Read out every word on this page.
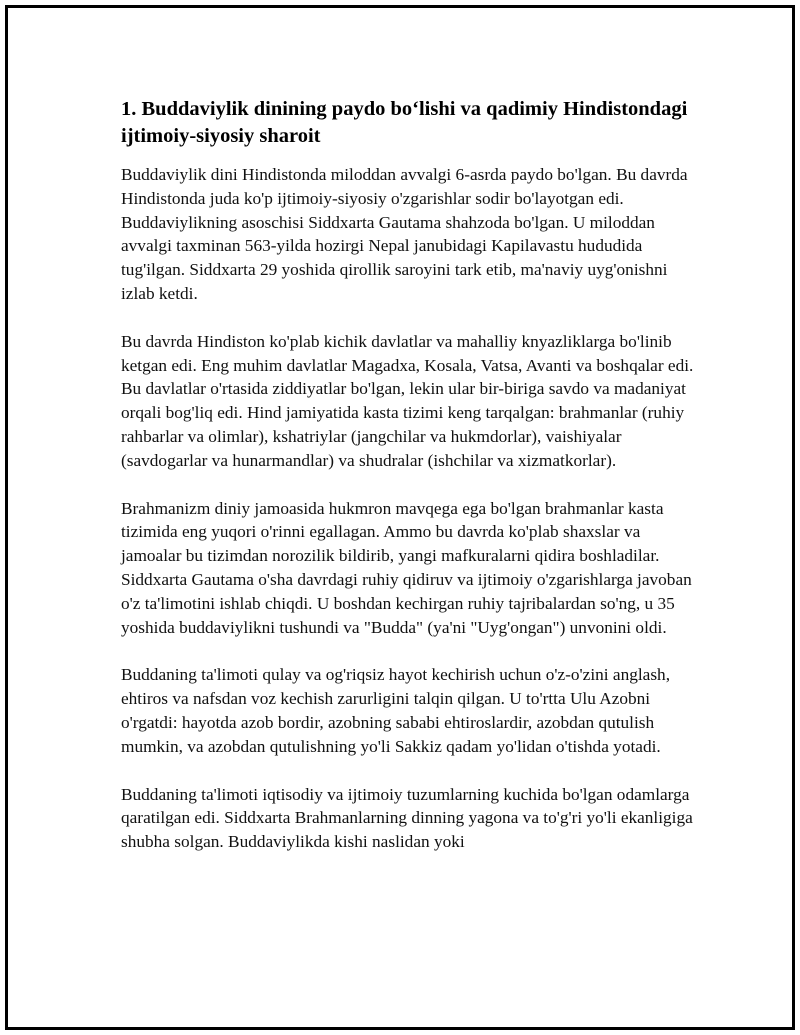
1. Buddaviylik dinining paydo bo‘lishi va qadimiy Hindistondagi ijtimoiy-siyosiy sharoit

Buddaviylik dini Hindistonda miloddan avvalgi 6-asrda paydo bo'lgan. Bu davrda Hindistonda juda ko'p ijtimoiy-siyosiy o'zgarishlar sodir bo'layotgan edi. Buddaviylikning asoschisi Siddxarta Gautama shahzoda bo'lgan. U miloddan avvalgi taxminan 563-yilda hozirgi Nepal janubidagi Kapilavastu hududida tug'ilgan. Siddxarta 29 yoshida qirollik saroyini tark etib, ma'naviy uyg'onishni izlab ketdi.

Bu davrda Hindiston ko'plab kichik davlatlar va mahalliy knyazliklarga bo'linib ketgan edi. Eng muhim davlatlar Magadxa, Kosala, Vatsa, Avanti va boshqalar edi. Bu davlatlar o'rtasida ziddiyatlar bo'lgan, lekin ular bir-biriga savdo va madaniyat orqali bog'liq edi. Hind jamiyatida kasta tizimi keng tarqalgan: brahmanlar (ruhiy rahbarlar va olimlar), kshatriylar (jangchilar va hukmdorlar), vaishiyalar (savdogarlar va hunarmandlar) va shudralar (ishchilar va xizmatkorlar).

Brahmanizm diniy jamoasida hukmron mavqega ega bo'lgan brahmanlar kasta tizimida eng yuqori o'rinni egallagan. Ammo bu davrda ko'plab shaxslar va jamoalar bu tizimdan norozilik bildirib, yangi mafkuralarni qidira boshladilar. Siddxarta Gautama o'sha davrdagi ruhiy qidiruv va ijtimoiy o'zgarishlarga javoban o'z ta'limotini ishlab chiqdi. U boshdan kechirgan ruhiy tajribalardan so'ng, u 35 yoshida buddaviylikni tushundi va "Budda" (ya'ni "Uyg'ongan") unvonini oldi.

Buddaning ta'limoti qulay va og'riqsiz hayot kechirish uchun o'z-o'zini anglash, ehtiros va nafsdan voz kechish zarurligini talqin qilgan. U to'rtta Ulu Azobni o'rgatdi: hayotda azob bordir, azobning sababi ehtiroslardir, azobdan qutulish mumkin, va azobdan qutulishning yo'li Sakkiz qadam yo'lidan o'tishda yotadi.

Buddaning ta'limoti iqtisodiy va ijtimoiy tuzumlarning kuchida bo'lgan odamlarga qaratilgan edi. Siddxarta Brahmanlarning dinning yagona va to'g'ri yo'li ekanligiga shubha solgan. Buddaviylikda kishi naslidan yoki
